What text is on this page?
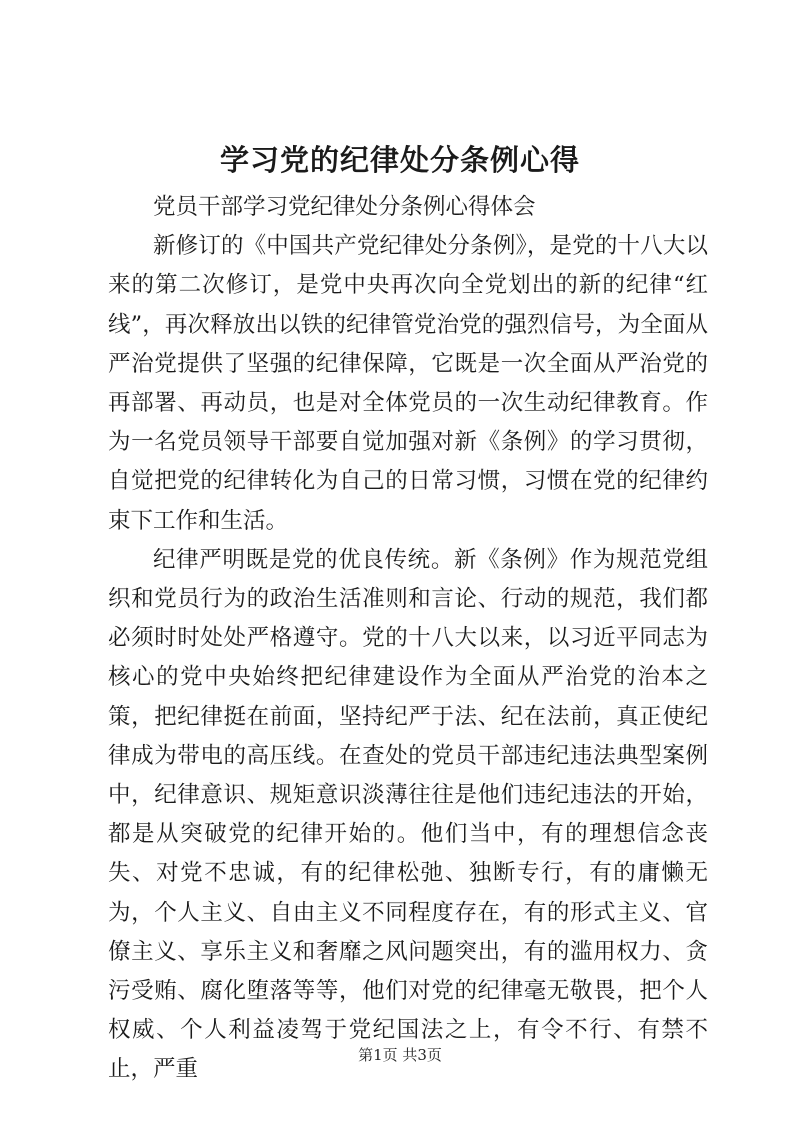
学习党的纪律处分条例心得

党员干部学习党纪律处分条例心得体会

新修订的《中国共产党纪律处分条例》，是党的十八大以来的第二次修订，是党中央再次向全党划出的新的纪律“红线”，再次释放出以铁的纪律管党治党的强烈信号，为全面从严治党提供了坚强的纪律保障，它既是一次全面从严治党的再部署、再动员，也是对全体党员的一次生动纪律教育。作为一名党员领导干部要自觉加强对新《条例》的学习贯彻，自觉把党的纪律转化为自己的日常习惯，习惯在党的纪律约束下工作和生活。

纪律严明既是党的优良传统。新《条例》作为规范党组织和党员行为的政治生活准则和言论、行动的规范，我们都必须时时处处严格遵守。党的十八大以来，以习近平同志为核心的党中央始终把纪律建设作为全面从严治党的治本之策，把纪律挺在前面，坚持纪严于法、纪在法前，真正使纪律成为带电的高压线。在查处的党员干部违纪违法典型案例中，纪律意识、规矩意识淡薄往往是他们违纪违法的开始，都是从突破党的纪律开始的。他们当中，有的理想信念丧失、对党不忠诚，有的纪律松弛、独断专行，有的庸懒无为，个人主义、自由主义不同程度存在，有的形式主义、官僚主义、享乐主义和奢靡之风问题突出，有的滥用权力、贪污受贿、腐化堕落等等，他们对党的纪律毫无敬畏，把个人权威、个人利益凌驾于党纪国法之上，有令不行、有禁不止，严重

第1页 共3页
